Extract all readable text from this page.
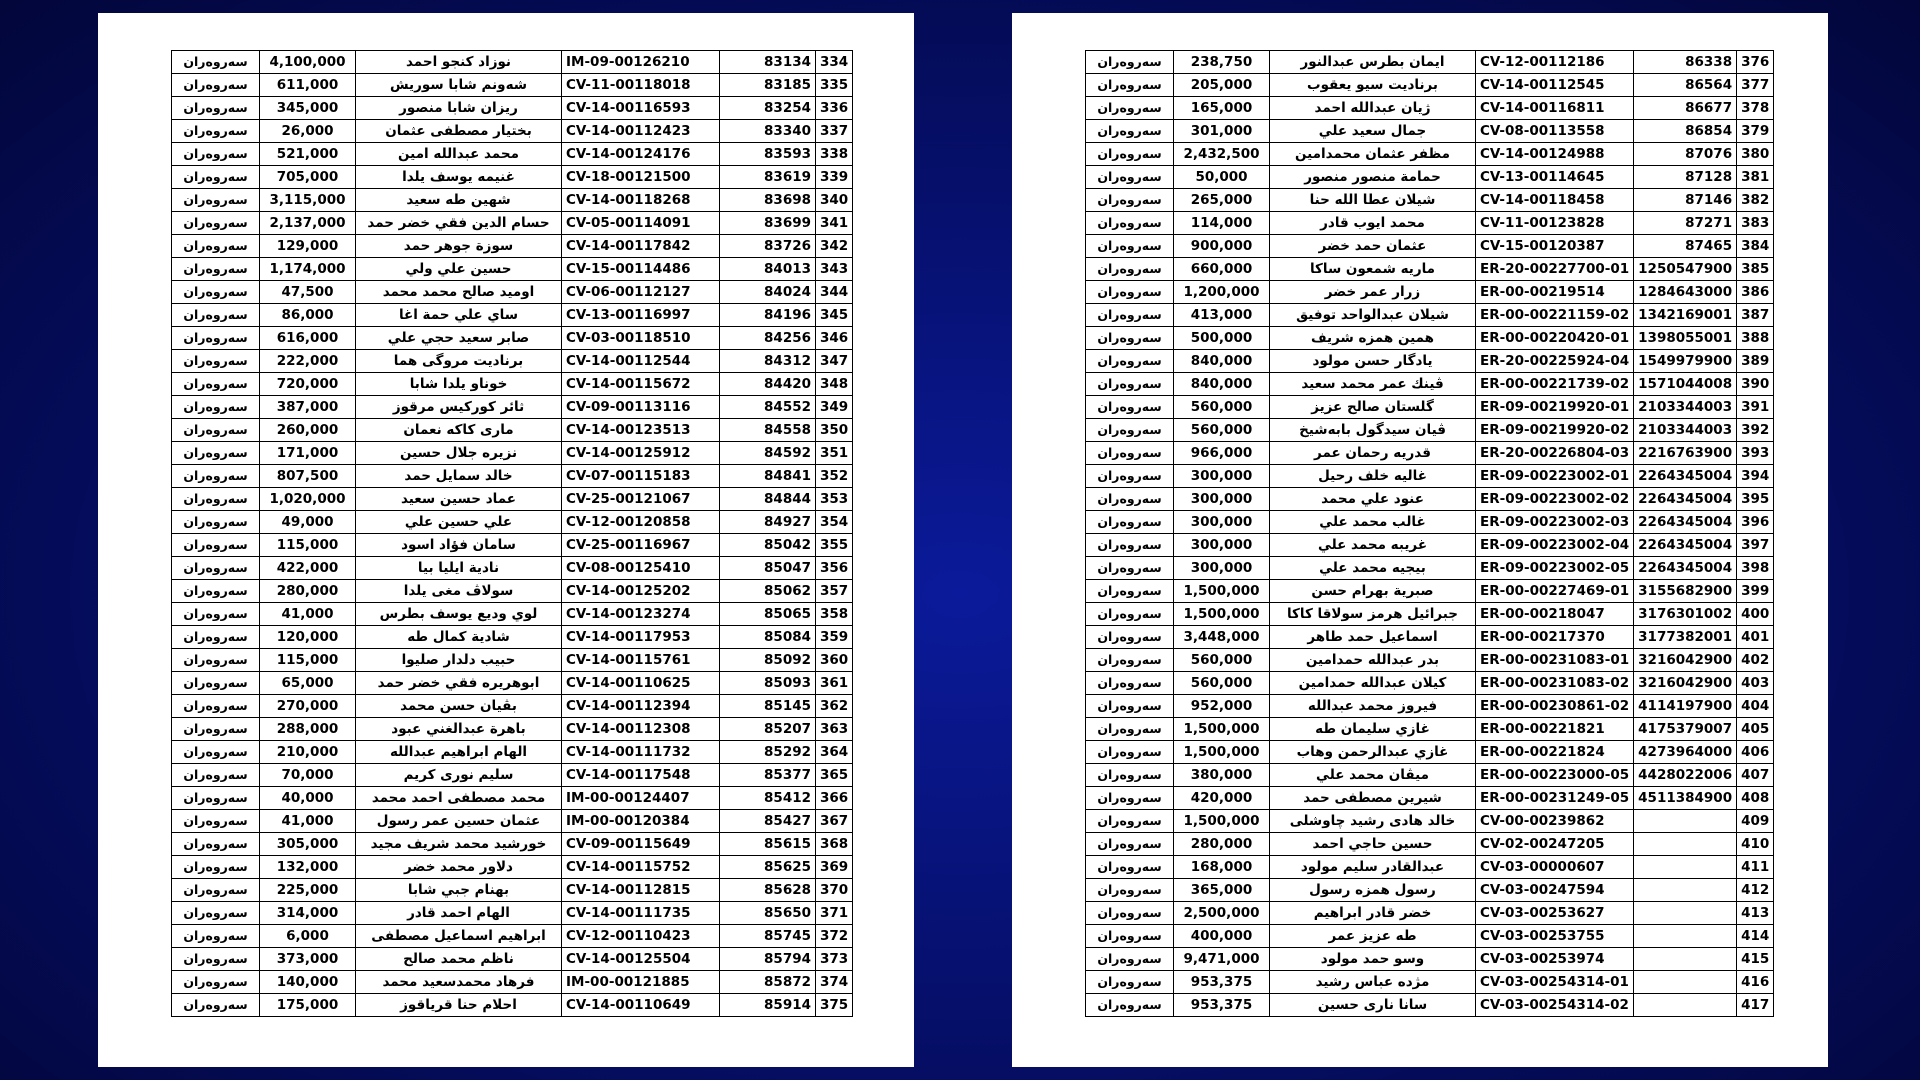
سەروەران	4,100,000	نوزاد كنجو احمد	IM-09-00126210	83134	334
سەروەران	611,000	شەونم شابا سوريش	CV-11-00118018	83185	335
سەروەران	345,000	ريزان شابا منصور	CV-14-00116593	83254	336
سەروەران	26,000	بختيار مصطفى عثمان	CV-14-00112423	83340	337
سەروەران	521,000	محمد عبدالله امين	CV-14-00124176	83593	338
سەروەران	705,000	غنيمه يوسف يلدا	CV-18-00121500	83619	339
سەروەران	3,115,000	شهين طه سعيد	CV-14-00118268	83698	340
سەروەران	2,137,000	حسام الدين فقي خضر حمد	CV-05-00114091	83699	341
سەروەران	129,000	سوزة جوهر حمد	CV-14-00117842	83726	342
سەروەران	1,174,000	حسين علي ولي	CV-15-00114486	84013	343
سەروەران	47,500	اوميد صالح محمد محمد	CV-06-00112127	84024	344
سەروەران	86,000	ساي علي حمة اغا	CV-13-00116997	84196	345
سەروەران	616,000	صابر سعيد حجي علي	CV-03-00118510	84256	346
سەروەران	222,000	برناديت مروگى هما	CV-14-00112544	84312	347
سەروەران	720,000	خوناو يلدا شابا	CV-14-00115672	84420	348
سەروەران	387,000	ثائر كوركيس مرقوز	CV-09-00113116	84552	349
سەروەران	260,000	مارى كاكه نعمان	CV-14-00123513	84558	350
سەروەران	171,000	نزيره جلال حسين	CV-14-00125912	84592	351
سەروەران	807,500	خالد سمايل حمد	CV-07-00115183	84841	352
سەروەران	1,020,000	عماد حسين سعيد	CV-25-00121067	84844	353
سەروەران	49,000	علي حسين علي	CV-12-00120858	84927	354
سەروەران	115,000	سامان فؤاد اسود	CV-25-00116967	85042	355
سەروەران	422,000	نادية ايليا بيا	CV-08-00125410	85047	356
سەروەران	280,000	سولاڤ مغى يلدا	CV-14-00125202	85062	357
سەروەران	41,000	لوي وديع يوسف بطرس	CV-14-00123274	85065	358
سەروەران	120,000	شادية كمال طه	CV-14-00117953	85084	359
سەروەران	115,000	حبيب دلدار صليوا	CV-14-00115761	85092	360
سەروەران	65,000	ابوهريره فقي خضر حمد	CV-14-00110625	85093	361
سەروەران	270,000	بڤيان حسن محمد	CV-14-00112394	85145	362
سەروەران	288,000	باهرة عبدالغني عبود	CV-14-00112308	85207	363
سەروەران	210,000	الهام ابراهيم عبدالله	CV-14-00111732	85292	364
سەروەران	70,000	سليم نورى كريم	CV-14-00117548	85377	365
سەروەران	40,000	محمد مصطفى احمد محمد	IM-00-00124407	85412	366
سەروەران	41,000	عثمان حسين عمر رسول	IM-00-00120384	85427	367
سەروەران	305,000	خورشيد محمد شريف مجيد	CV-09-00115649	85615	368
سەروەران	132,000	دلاور محمد خضر	CV-14-00115752	85625	369
سەروەران	225,000	بهنام جبي شابا	CV-14-00112815	85628	370
سەروەران	314,000	الهام احمد قادر	CV-14-00111735	85650	371
سەروەران	6,000	ابراهيم اسماعيل مصطفى	CV-12-00110423	85745	372
سەروەران	373,000	ناظم محمد صالح	CV-14-00125504	85794	373
سەروەران	140,000	فرهاد محمدسعيد محمد	IM-00-00121885	85872	374
سەروەران	175,000	احلام حنا قرياقوز	CV-14-00110649	85914	375
سەروەران	238,750	ايمان بطرس عبدالنور	CV-12-00112186	86338	376
سەروەران	205,000	برناديت سيو يعقوب	CV-14-00112545	86564	377
سەروەران	165,000	ژيان عبدالله احمد	CV-14-00116811	86677	378
سەروەران	301,000	جمال سعيد علي	CV-08-00113558	86854	379
سەروەران	2,432,500	مظفر عثمان محمدامين	CV-14-00124988	87076	380
سەروەران	50,000	حمامة منصور منصور	CV-13-00114645	87128	381
سەروەران	265,000	شيلان عطا الله حنا	CV-14-00118458	87146	382
سەروەران	114,000	محمد ايوب قادر	CV-11-00123828	87271	383
سەروەران	900,000	عثمان حمد خضر	CV-15-00120387	87465	384
سەروەران	660,000	ماريه شمعون ساكا	ER-20-00227700-01	1250547900	385
سەروەران	1,200,000	زرار عمر خضر	ER-00-00219514	1284643000	386
سەروەران	413,000	شيلان عبدالواحد توفيق	ER-00-00221159-02	1342169001	387
سەروەران	500,000	همين همزه شريف	ER-00-00220420-01	1398055001	388
سەروەران	840,000	يادگار حسن مولود	ER-20-00225924-04	1549979900	389
سەروەران	840,000	ڤينك عمر محمد سعيد	ER-00-00221739-02	1571044008	390
سەروەران	560,000	گلستان صالح عزيز	ER-09-00219920-01	2103344003	391
سەروەران	560,000	ڤيان سيدگول بابەشيخ	ER-09-00219920-02	2103344003	392
سەروەران	966,000	قدريه رحمان عمر	ER-20-00226804-03	2216763900	393
سەروەران	300,000	غاليه خلف رحيل	ER-09-00223002-01	2264345004	394
سەروەران	300,000	عنود علي محمد	ER-09-00223002-02	2264345004	395
سەروەران	300,000	غالب محمد علي	ER-09-00223002-03	2264345004	396
سەروەران	300,000	غريبه محمد علي	ER-09-00223002-04	2264345004	397
سەروەران	300,000	بيجيه محمد علي	ER-09-00223002-05	2264345004	398
سەروەران	1,500,000	صبرية بهرام حسن	ER-00-00227469-01	3155682900	399
سەروەران	1,500,000	جبرائيل هرمز سولاقا كاكا	ER-00-00218047	3176301002	400
سەروەران	3,448,000	اسماعيل حمد طاهر	ER-00-00217370	3177382001	401
سەروەران	560,000	بدر عبدالله حمدامين	ER-00-00231083-01	3216042900	402
سەروەران	560,000	كيلان عبدالله حمدامين	ER-00-00231083-02	3216042900	403
سەروەران	952,000	فيروز محمد عبدالله	ER-00-00230861-02	4114197900	404
سەروەران	1,500,000	غازي سليمان طه	ER-00-00221821	4175379007	405
سەروەران	1,500,000	غازي عبدالرحمن وهاب	ER-00-00221824	4273964000	406
سەروەران	380,000	ميڤان محمد علي	ER-00-00223000-05	4428022006	407
سەروەران	420,000	شيرين مصطفى حمد	ER-00-00231249-05	4511384900	408
سەروەران	1,500,000	خالد هادى رشيد چاوشلى	CV-00-00239862		409
سەروەران	280,000	حسين حاجي احمد	CV-02-00247205		410
سەروەران	168,000	عبدالقادر سليم مولود	CV-03-00000607		411
سەروەران	365,000	رسول همزه رسول	CV-03-00247594		412
سەروەران	2,500,000	خضر قادر ابراهيم	CV-03-00253627		413
سەروەران	400,000	طه عزيز عمر	CV-03-00253755		414
سەروەران	9,471,000	وسو حمد مولود	CV-03-00253974		415
سەروەران	953,375	مژده عباس رشيد	CV-03-00254314-01		416
سەروەران	953,375	سانا نارى حسين	CV-03-00254314-02		417
